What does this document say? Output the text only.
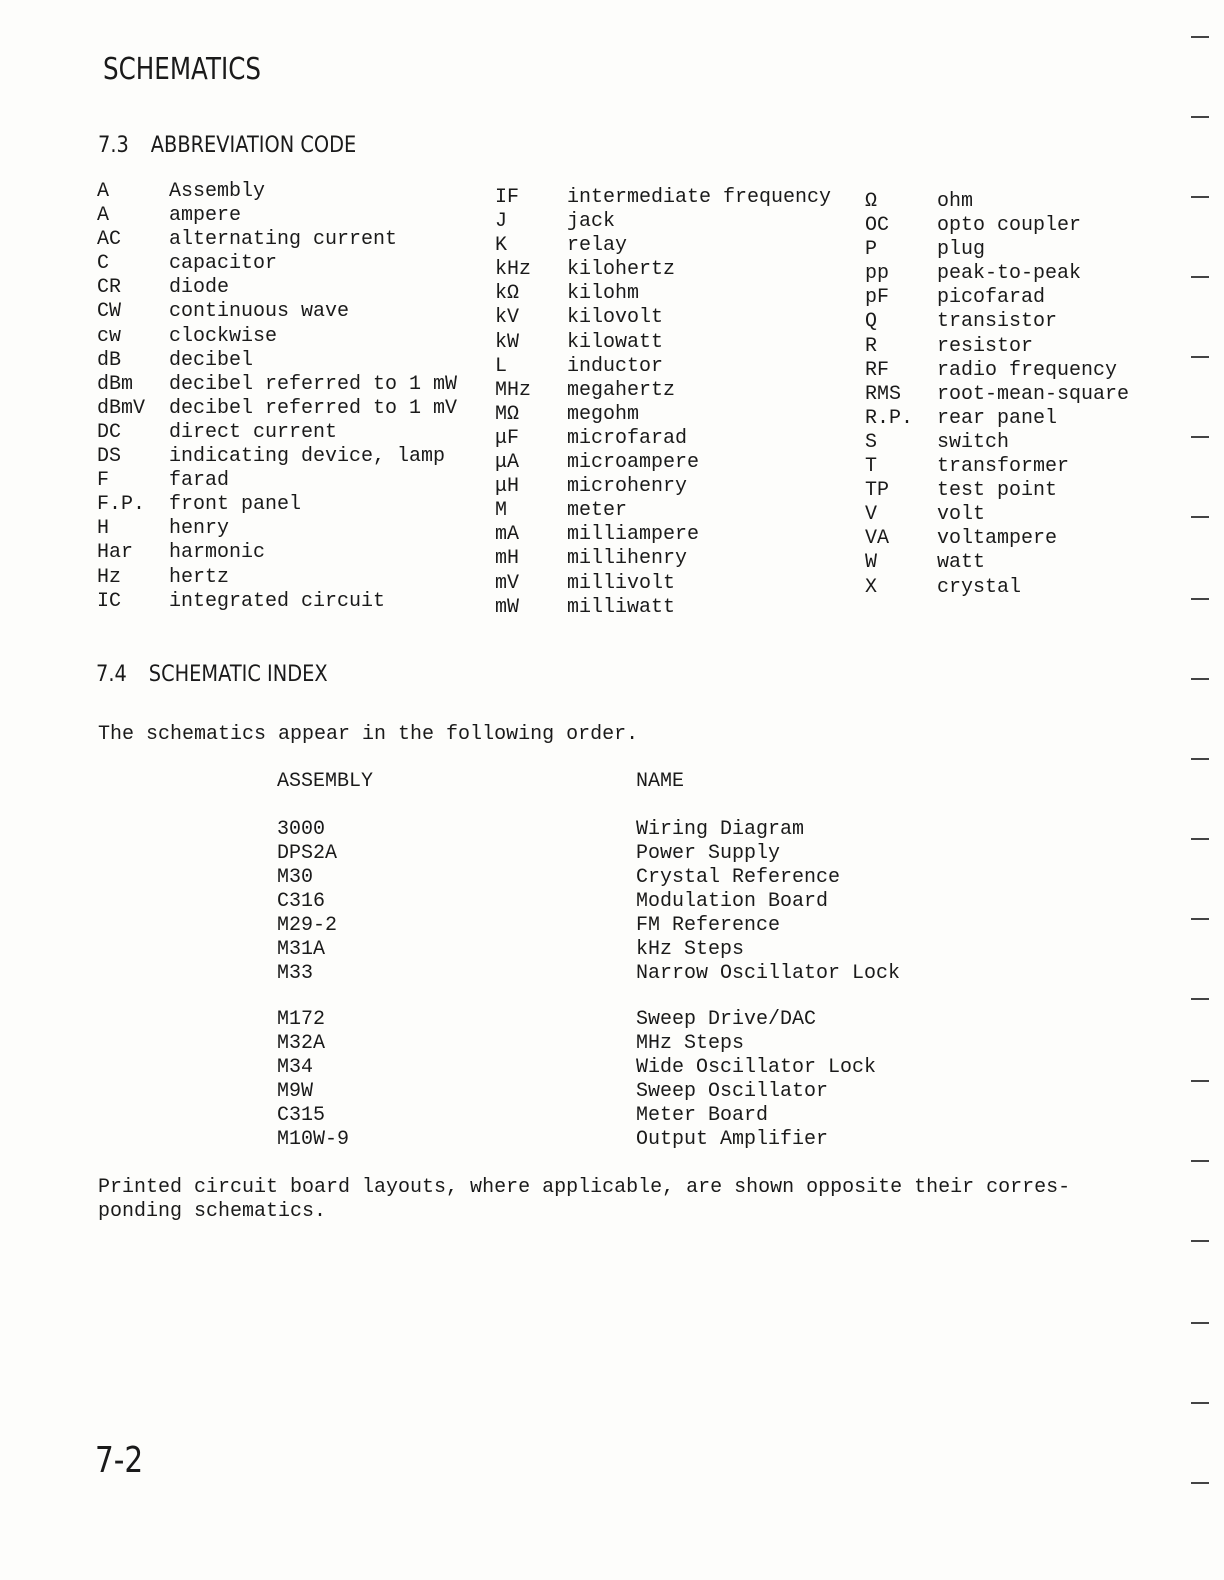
SCHEMATICS
7.3 ABBREVIATION CODE
A	Assembly
A	ampere
AC alternating current
C	capacitor
CR diode
CW continuous wave
cw clockwise
dB decibel
dBm decibel referred to 1 mW
dBmV decibel referred to 1 mV
DC direct current
DS indicating device, lamp
F	farad
F.P. front panel
H	henry
Har harmonic
Hz hertz
IC integrated circuit
IF intermediate frequency
J	jack
K	relay
kHz kilohertz
kΩ kilohm
kV kilovolt
kW kilowatt
L	inductor
MHz megahertz
MΩ megohm
μF microfarad
μA microampere
μH microhenry
M	meter
mA milliampere
mH millihenry
mV millivolt
mW milliwatt
Ω	ohm
OC opto coupler
P	plug
pp peak-to-peak
pF picofarad
Q	transistor
R	resistor
RF radio frequency
RMS root-mean-square
R.P. rear panel
S	switch
T	transformer
TP test point
V	volt
VA voltampere
W	watt
X	crystal
7.4 SCHEMATIC INDEX
The schematics appear in the following order.
ASSEMBLY	NAME
3000	Wiring Diagram
DPS2A	Power Supply
M30	Crystal Reference
C316	Modulation Board
M29-2	FM Reference
M31A	kHz Steps
M33	Narrow Oscillator Lock
M172	Sweep Drive/DAC
M32A	MHz Steps
M34	Wide Oscillator Lock
M9W	Sweep Oscillator
C315	Meter Board
M10W-9	Output Amplifier
Printed circuit board layouts, where applicable, are shown opposite their corres-
ponding schematics.
7-2
